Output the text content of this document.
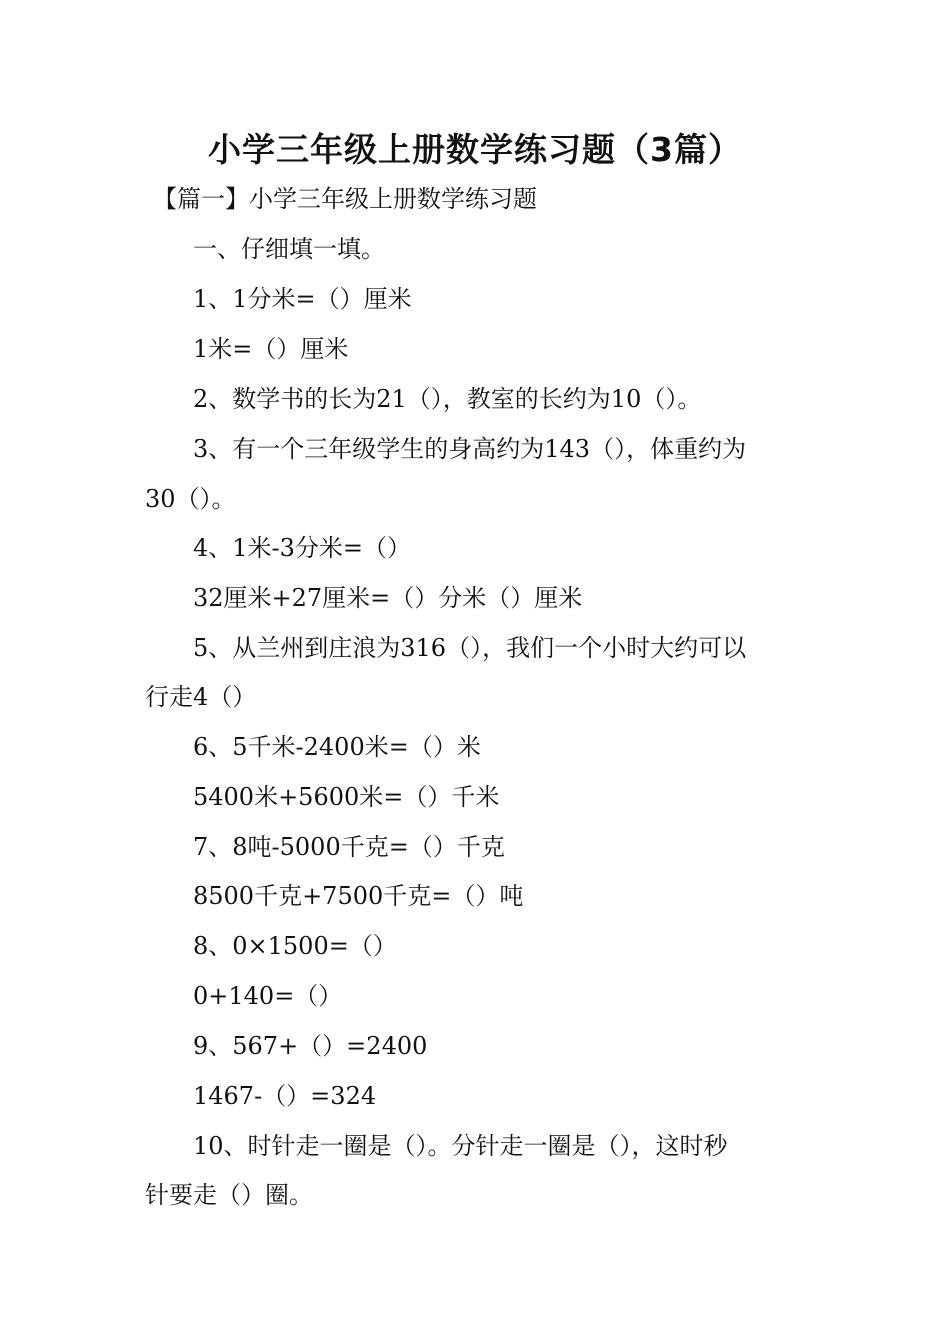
小学三年级上册数学练习题（3篇）

【篇一】小学三年级上册数学练习题

一、仔细填一填。

1、1分米=（）厘米

1米=（）厘米

2、数学书的长为21（），教室的长约为10（）。

3、有一个三年级学生的身高约为143（），体重约为

30（）。

4、1米-3分米=（）

32厘米+27厘米=（）分米（）厘米

5、从兰州到庄浪为316（），我们一个小时大约可以

行走4（）

6、5千米-2400米=（）米

5400米+5600米=（）千米

7、8吨-5000千克=（）千克

8500千克+7500千克=（）吨

8、0×1500=（）

0+140=（）

9、567+（）=2400

1467-（）=324

10、时针走一圈是（）。分针走一圈是（），这时秒

针要走（）圈。
